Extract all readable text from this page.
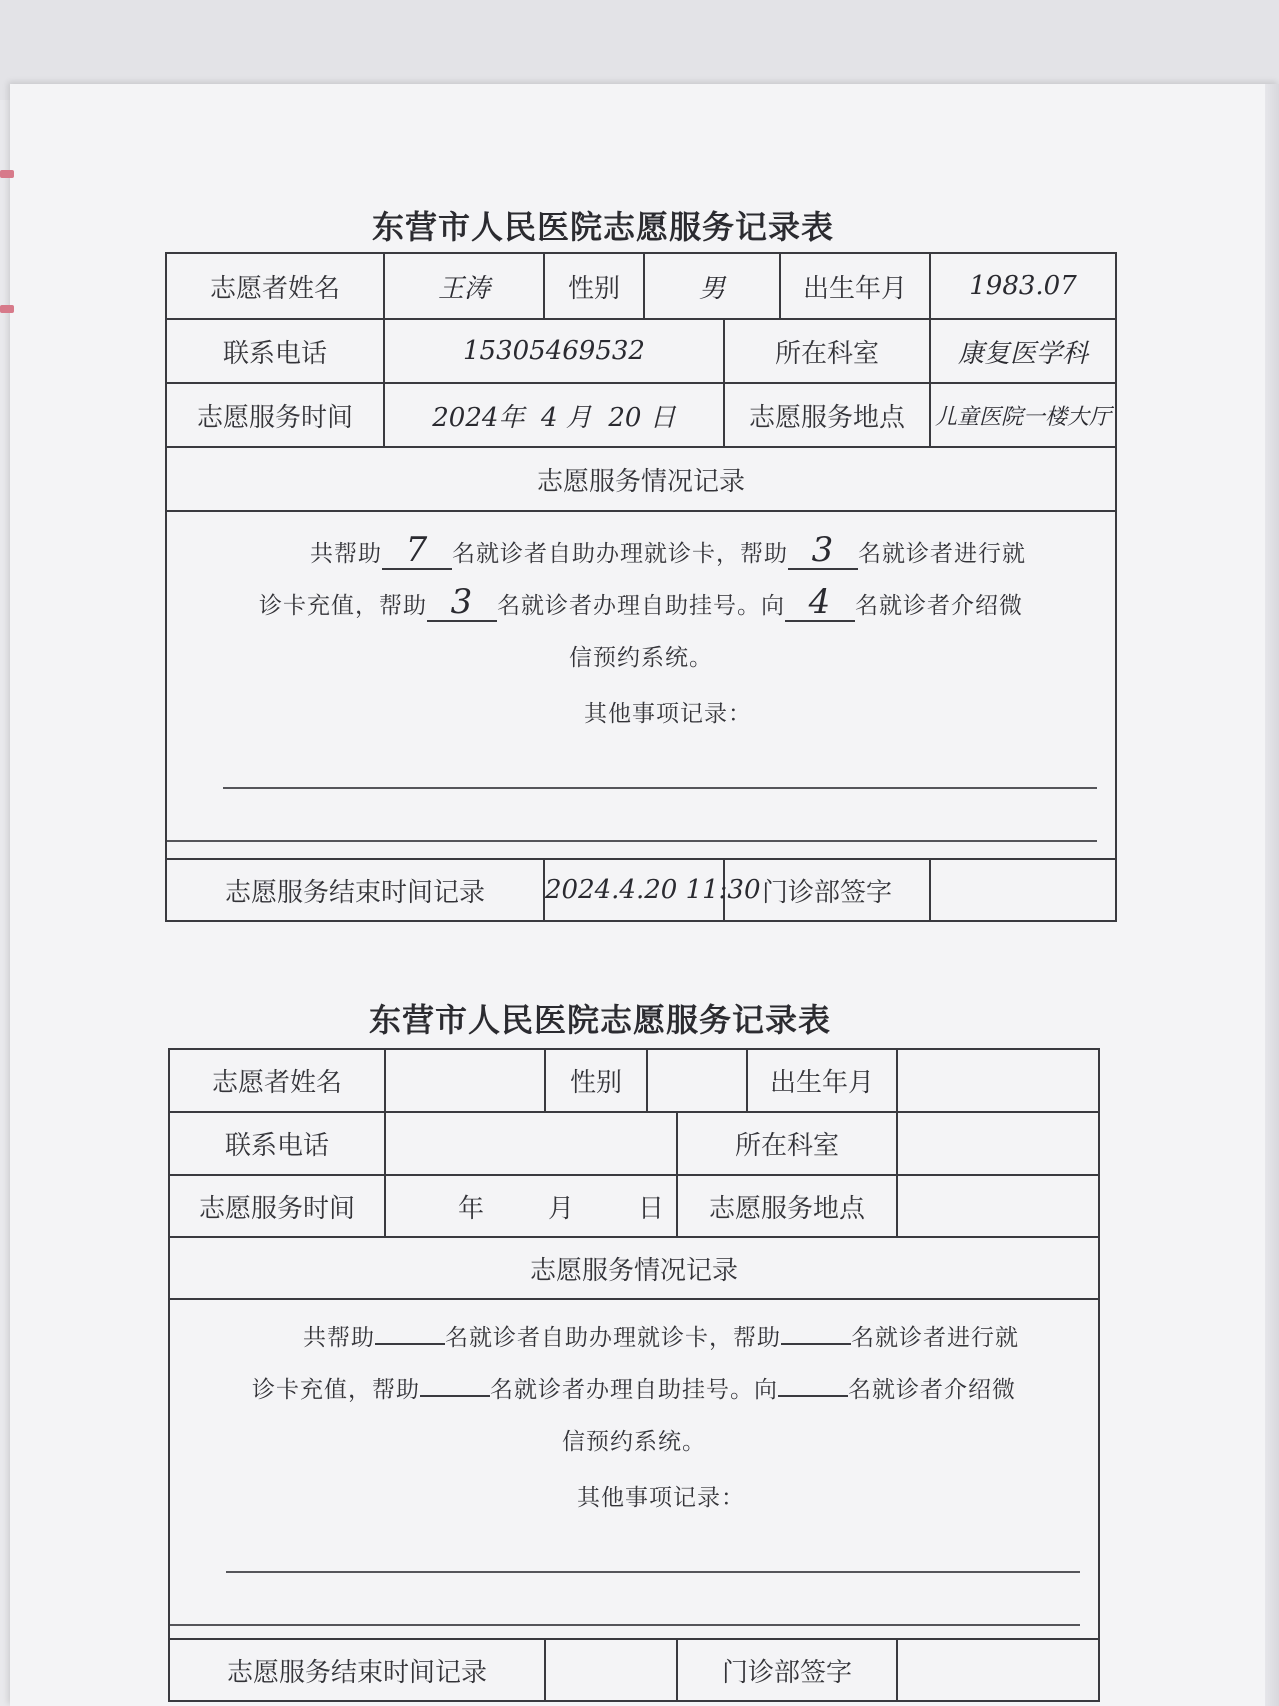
东营市人民医院志愿服务记录表
志愿者姓名	王涛	性别	男		出生年月	1983.07
联系电话	15305469532			所在科室		康复医学科
志愿服务时间	2024年 4 月 20 日			志愿服务地点		儿童医院一楼大厅
志愿服务情况记录						

共帮助 7 名就诊者自助办理就诊卡，帮助 3 名就诊者进行就
诊卡充值，帮助 3 名就诊者办理自助挂号。向 4 名就诊者介绍微
信预约系统。
其他事项记录：						

志愿服务结束时间记录		2024.4.20 11:30		门诊部签字		
东营市人民医院志愿服务记录表
志愿者姓名		性别			出生年月	
联系电话				所在科室		
志愿服务时间	年 月 日			志愿服务地点		
志愿服务情况记录						

共帮助 名就诊者自助办理就诊卡，帮助 名就诊者进行就
诊卡充值，帮助 名就诊者办理自助挂号。向 名就诊者介绍微
信预约系统。
其他事项记录：						

志愿服务结束时间记录				门诊部签字		
